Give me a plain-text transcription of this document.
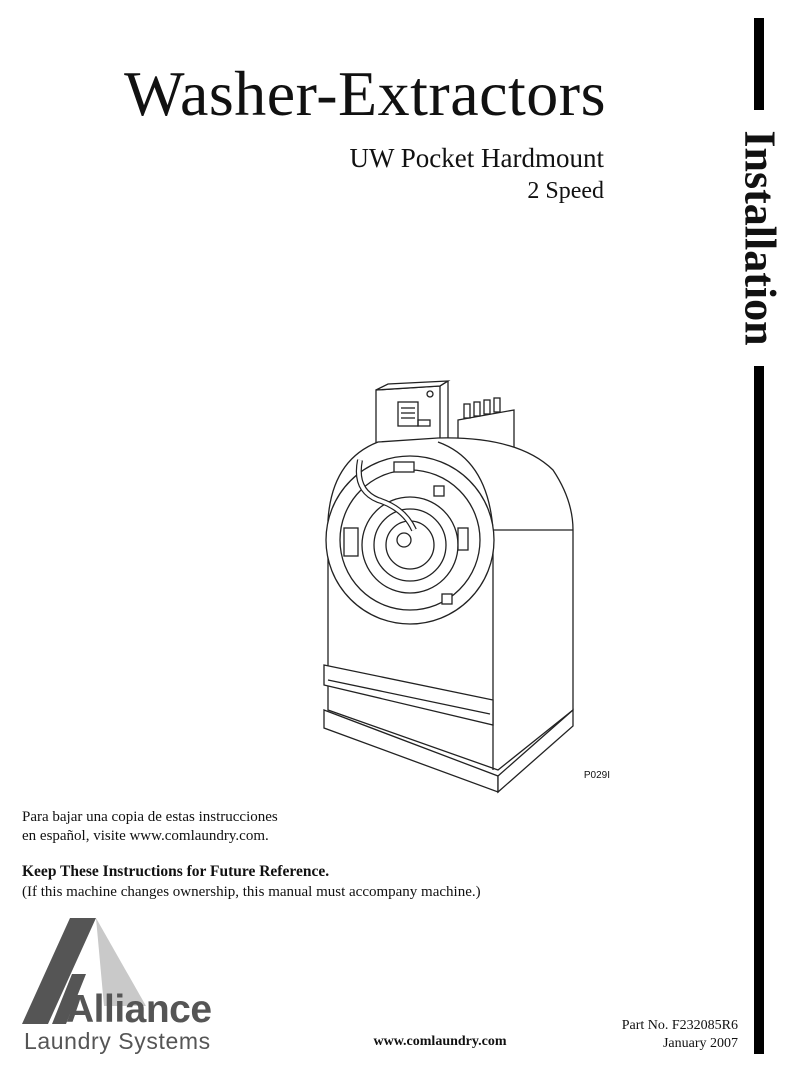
Washer-Extractors
UW Pocket Hardmount
2 Speed	Installation
P029I
Para bajar una copia de estas instrucciones
en español, visite www.comlaundry.com.
Keep These Instructions for Future Reference.
(If this machine changes ownership, this manual must accompany machine.)
Alliance
Laundry Systems	www.comlaundry.com
Part No. F232085R6
January 2007
